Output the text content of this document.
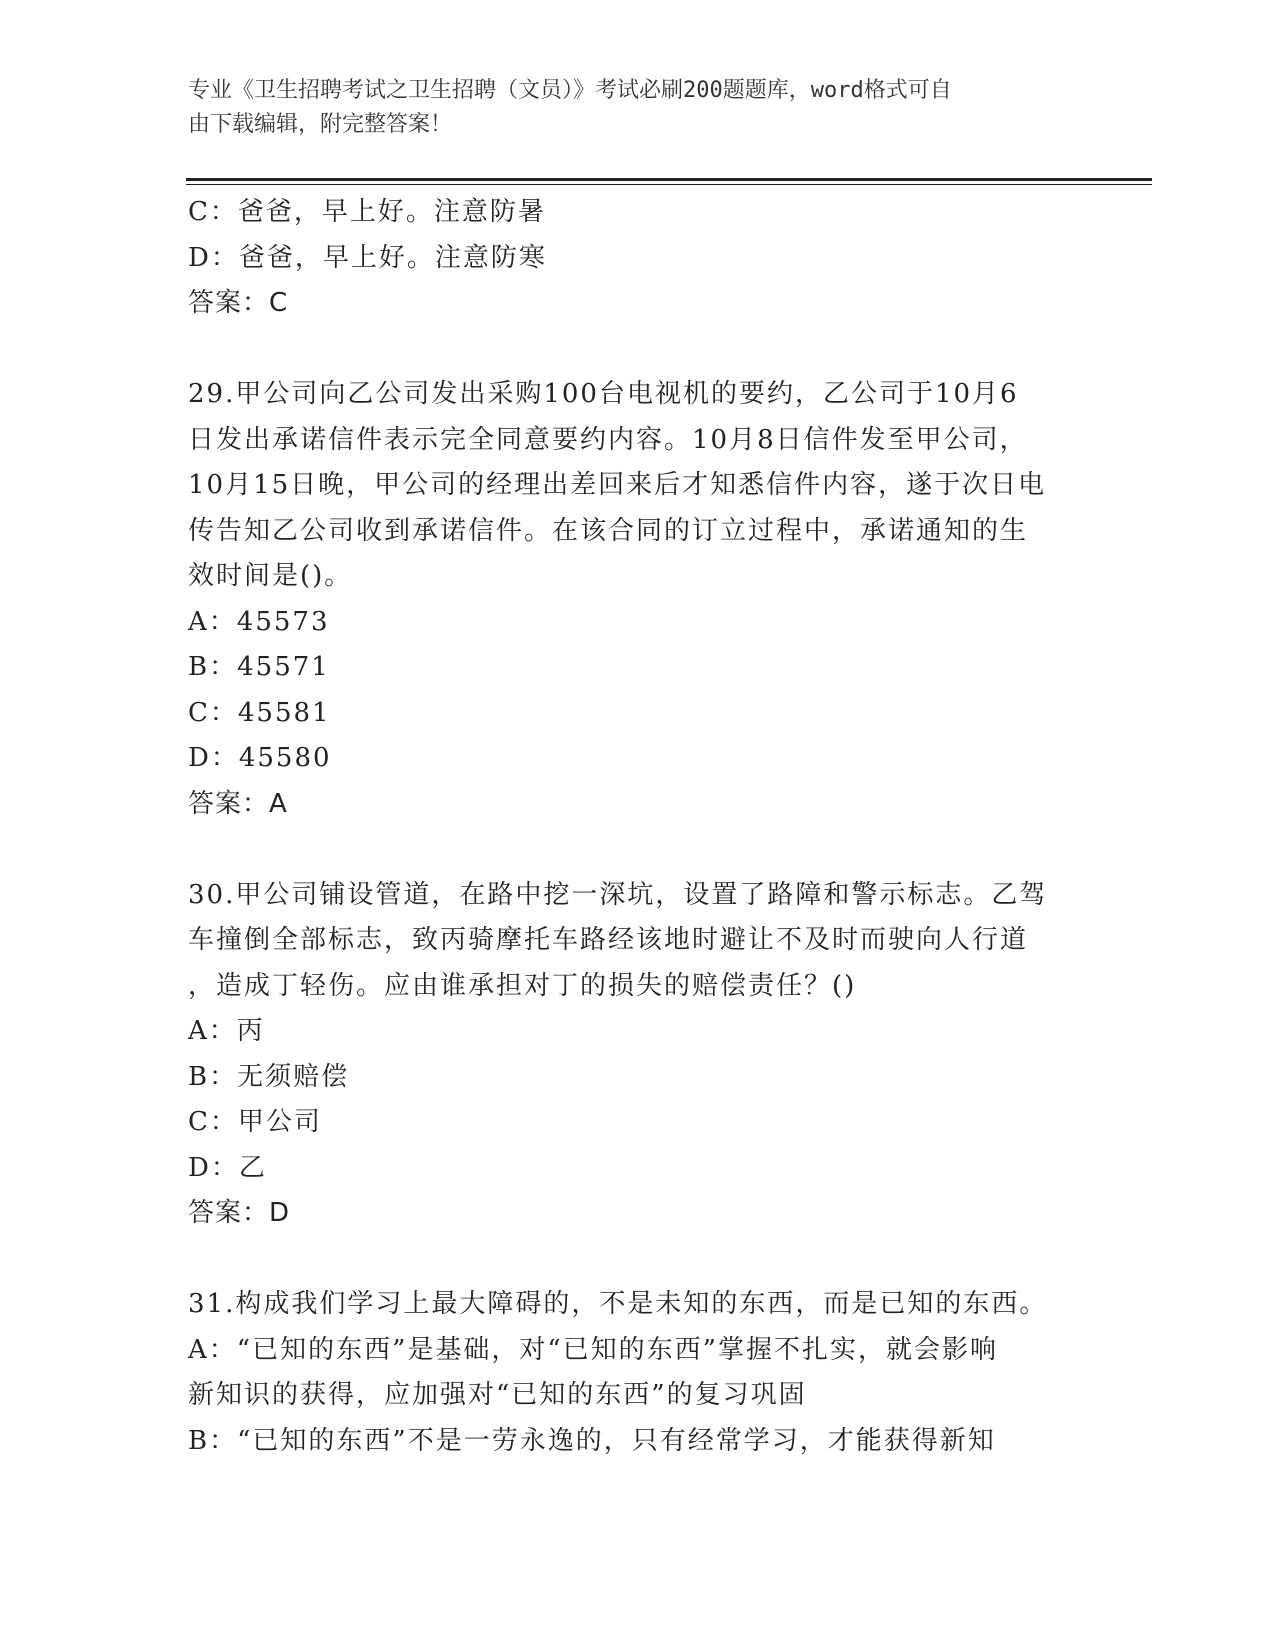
专业《卫生招聘考试之卫生招聘（文员）》考试必刷200题题库，word格式可自
由下载编辑，附完整答案！
C：爸爸，早上好。注意防暑
D：爸爸，早上好。注意防寒
答案：C
29.甲公司向乙公司发出采购100台电视机的要约，乙公司于10月6
日发出承诺信件表示完全同意要约内容。10月8日信件发至甲公司，
10月15日晚，甲公司的经理出差回来后才知悉信件内容，遂于次日电
传告知乙公司收到承诺信件。在该合同的订立过程中，承诺通知的生
效时间是()。
A：45573
B：45571
C：45581
D：45580
答案：A
30.甲公司铺设管道，在路中挖一深坑，设置了路障和警示标志。乙驾
车撞倒全部标志，致丙骑摩托车路经该地时避让不及时而驶向人行道
，造成丁轻伤。应由谁承担对丁的损失的赔偿责任？()
A：丙
B：无须赔偿
C：甲公司
D：乙
答案：D
31.构成我们学习上最大障碍的，不是未知的东西，而是已知的东西。
A：“已知的东西”是基础，对“已知的东西”掌握不扎实，就会影响
新知识的获得，应加强对“已知的东西”的复习巩固
B：“已知的东西”不是一劳永逸的，只有经常学习，才能获得新知
